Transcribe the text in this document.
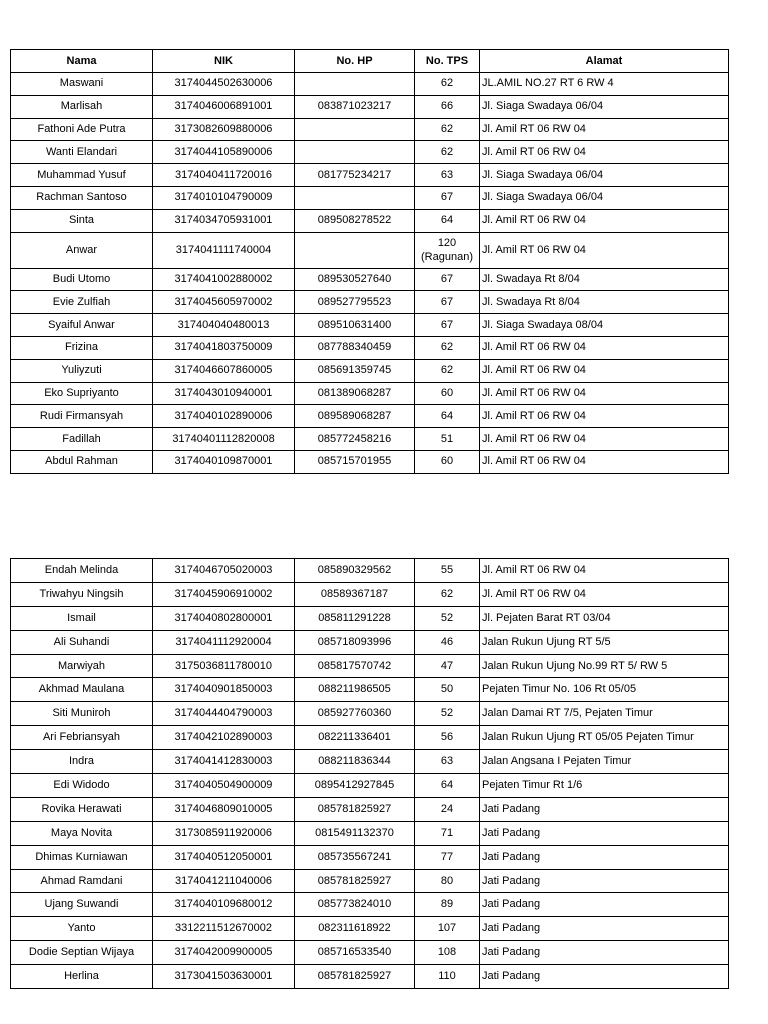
Nama	NIK	No. HP	No. TPS	Alamat
Maswani	3174044502630006		62	JL.AMIL NO.27 RT 6 RW 4
Marlisah	3174046006891001	083871023217	66	Jl. Siaga Swadaya 06/04
Fathoni Ade Putra	3173082609880006		62	Jl. Amil RT 06 RW 04
Wanti Elandari	3174044105890006		62	Jl. Amil RT 06 RW 04
Muhammad Yusuf	3174040411720016	081775234217	63	Jl. Siaga Swadaya 06/04
Rachman Santoso	3174010104790009		67	Jl. Siaga Swadaya 06/04
Sinta	3174034705931001	089508278522	64	Jl. Amil RT 06 RW 04
Anwar	3174041111740004		120 (Ragunan)	Jl. Amil RT 06 RW 04
Budi Utomo	3174041002880002	089530527640	67	Jl. Swadaya Rt 8/04
Evie Zulfiah	3174045605970002	089527795523	67	Jl. Swadaya Rt 8/04
Syaiful Anwar	317404040480013	089510631400	67	Jl. Siaga Swadaya 08/04
Frizina	3174041803750009	087788340459	62	Jl. Amil RT 06 RW 04
Yuliyzuti	3174046607860005	085691359745	62	Jl. Amil RT 06 RW 04
Eko Supriyanto	3174043010940001	081389068287	60	Jl. Amil RT 06 RW 04
Rudi Firmansyah	3174040102890006	089589068287	64	Jl. Amil RT 06 RW 04
Fadillah	31740401112820008	085772458216	51	Jl. Amil RT 06 RW 04
Abdul Rahman	3174040109870001	085715701955	60	Jl. Amil RT 06 RW 04
Endah Melinda	3174046705020003	085890329562	55	Jl. Amil RT 06 RW 04
Triwahyu Ningsih	3174045906910002	08589367187	62	Jl. Amil RT 06 RW 04
Ismail	3174040802800001	085811291228	52	Jl. Pejaten Barat RT 03/04
Ali Suhandi	3174041112920004	085718093996	46	Jalan Rukun Ujung RT 5/5
Marwiyah	3175036811780010	085817570742	47	Jalan Rukun Ujung No.99 RT 5/ RW 5
Akhmad Maulana	3174040901850003	088211986505	50	Pejaten Timur No. 106 Rt 05/05
Siti Muniroh	3174044404790003	085927760360	52	Jalan Damai RT 7/5, Pejaten Timur
Ari Febriansyah	3174042102890003	082211336401	56	Jalan Rukun Ujung RT 05/05 Pejaten Timur
Indra	3174041412830003	088211836344	63	Jalan Angsana I Pejaten Timur
Edi Widodo	3174040504900009	0895412927845	64	Pejaten Timur Rt 1/6
Rovika Herawati	3174046809010005	085781825927	24	Jati Padang
Maya Novita	3173085911920006	0815491132370	71	Jati Padang
Dhimas Kurniawan	3174040512050001	085735567241	77	Jati Padang
Ahmad Ramdani	3174041211040006	085781825927	80	Jati Padang
Ujang Suwandi	3174040109680012	085773824010	89	Jati Padang
Yanto	3312211512670002	082311618922	107	Jati Padang
Dodie Septian Wijaya	3174042009900005	085716533540	108	Jati Padang
Herlina	3173041503630001	085781825927	110	Jati Padang
